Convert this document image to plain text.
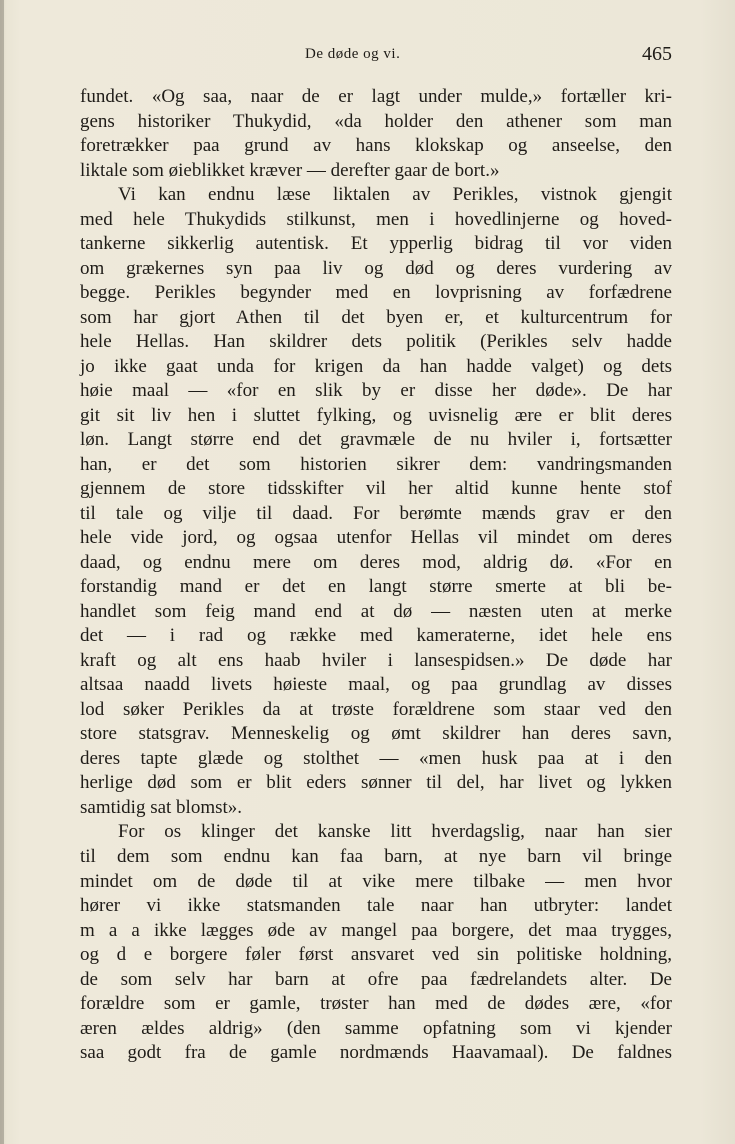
De døde og vi.	465
fundet. «Og saa, naar de er lagt under mulde,» fortæller kri-
gens historiker Thukydid, «da holder den athener som man
foretrækker paa grund av hans klokskap og anseelse, den
liktale som øieblikket kræver — derefter gaar de bort.»
Vi kan endnu læse liktalen av Perikles, vistnok gjengit
med hele Thukydids stilkunst, men i hovedlinjerne og hoved-
tankerne sikkerlig autentisk. Et ypperlig bidrag til vor viden
om grækernes syn paa liv og død og deres vurdering av
begge. Perikles begynder med en lovprisning av forfædrene
som har gjort Athen til det byen er, et kulturcentrum for
hele Hellas. Han skildrer dets politik (Perikles selv hadde
jo ikke gaat unda for krigen da han hadde valget) og dets
høie maal — «for en slik by er disse her døde». De har
git sit liv hen i sluttet fylking, og uvisnelig ære er blit deres
løn. Langt større end det gravmæle de nu hviler i, fortsætter
han, er det som historien sikrer dem: vandringsmanden
gjennem de store tidsskifter vil her altid kunne hente stof
til tale og vilje til daad. For berømte mænds grav er den
hele vide jord, og ogsaa utenfor Hellas vil mindet om deres
daad, og endnu mere om deres mod, aldrig dø. «For en
forstandig mand er det en langt større smerte at bli be-
handlet som feig mand end at dø — næsten uten at merke
det — i rad og række med kameraterne, idet hele ens
kraft og alt ens haab hviler i lansespidsen.» De døde har
altsaa naadd livets høieste maal, og paa grundlag av disses
lod søker Perikles da at trøste forældrene som staar ved den
store statsgrav. Menneskelig og ømt skildrer han deres savn,
deres tapte glæde og stolthet — «men husk paa at i den
herlige død som er blit eders sønner til del, har livet og lykken
samtidig sat blomst».
For os klinger det kanske litt hverdagslig, naar han sier
til dem som endnu kan faa barn, at nye barn vil bringe
mindet om de døde til at vike mere tilbake — men hvor
hører vi ikke statsmanden tale naar han utbryter: landet
m a a ikke lægges øde av mangel paa borgere, det maa trygges,
og d e borgere føler først ansvaret ved sin politiske holdning,
de som selv har barn at ofre paa fædrelandets alter. De
forældre som er gamle, trøster han med de dødes ære, «for
æren ældes aldrig» (den samme opfatning som vi kjender
saa godt fra de gamle nordmænds Haavamaal). De faldnes
